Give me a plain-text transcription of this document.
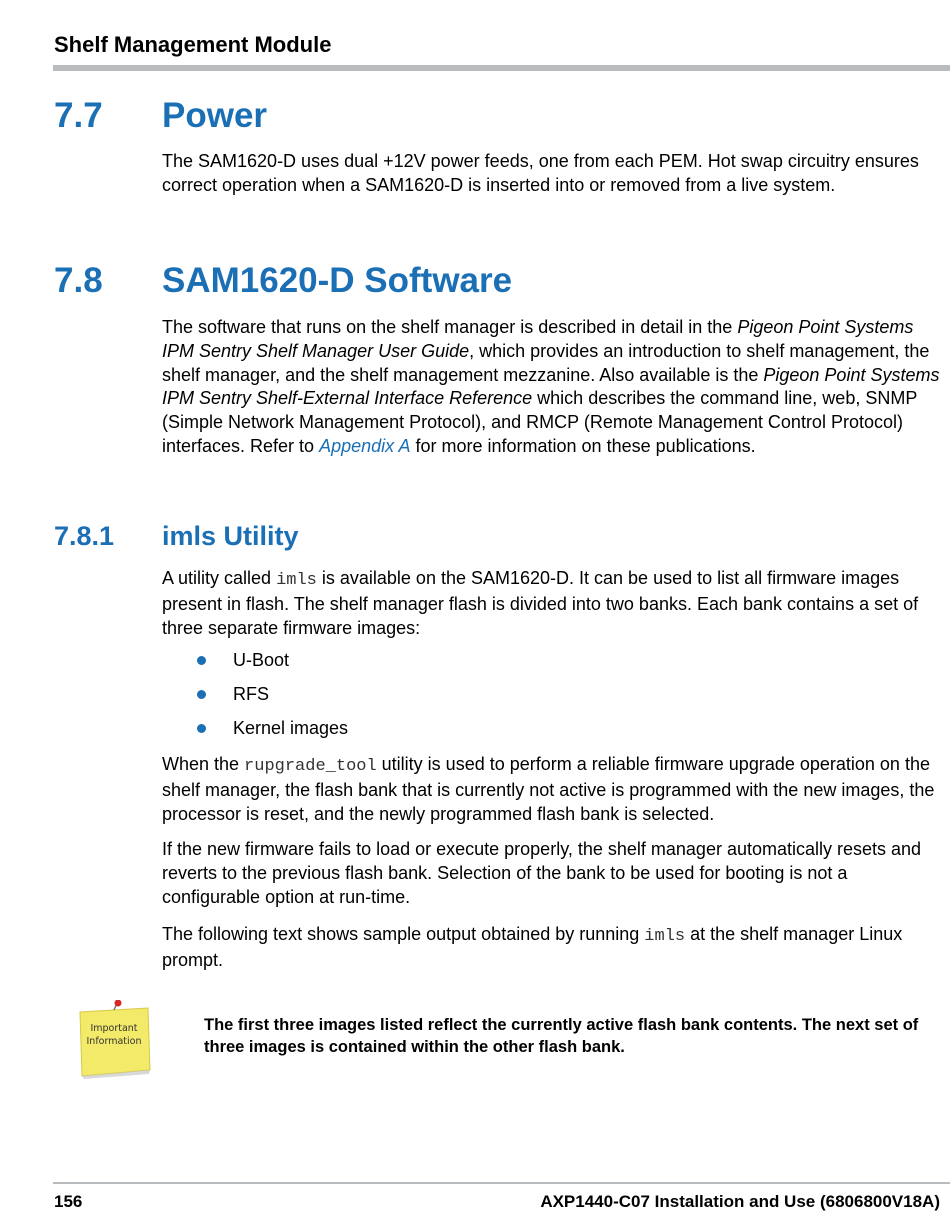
Shelf Management Module

7.7 Power

The SAM1620-D uses dual +12V power feeds, one from each PEM. Hot swap circuitry ensures correct operation when a SAM1620-D is inserted into or removed from a live system.

7.8 SAM1620-D Software

The software that runs on the shelf manager is described in detail in the Pigeon Point Systems IPM Sentry Shelf Manager User Guide, which provides an introduction to shelf management, the shelf manager, and the shelf management mezzanine. Also available is the Pigeon Point Systems IPM Sentry Shelf-External Interface Reference which describes the command line, web, SNMP (Simple Network Management Protocol), and RMCP (Remote Management Control Protocol) interfaces. Refer to Appendix A for more information on these publications.

7.8.1 imls Utility

A utility called imls is available on the SAM1620-D. It can be used to list all firmware images present in flash. The shelf manager flash is divided into two banks. Each bank contains a set of three separate firmware images:

U-Boot
RFS
Kernel images

When the rupgrade_tool utility is used to perform a reliable firmware upgrade operation on the shelf manager, the flash bank that is currently not active is programmed with the new images, the processor is reset, and the newly programmed flash bank is selected.

If the new firmware fails to load or execute properly, the shelf manager automatically resets and reverts to the previous flash bank. Selection of the bank to be used for booting is not a configurable option at run-time.

The following text shows sample output obtained by running imls at the shelf manager Linux prompt.

Important
Information

The first three images listed reflect the currently active flash bank contents. The next set of three images is contained within the other flash bank.

156	AXP1440-C07 Installation and Use (6806800V18A)
